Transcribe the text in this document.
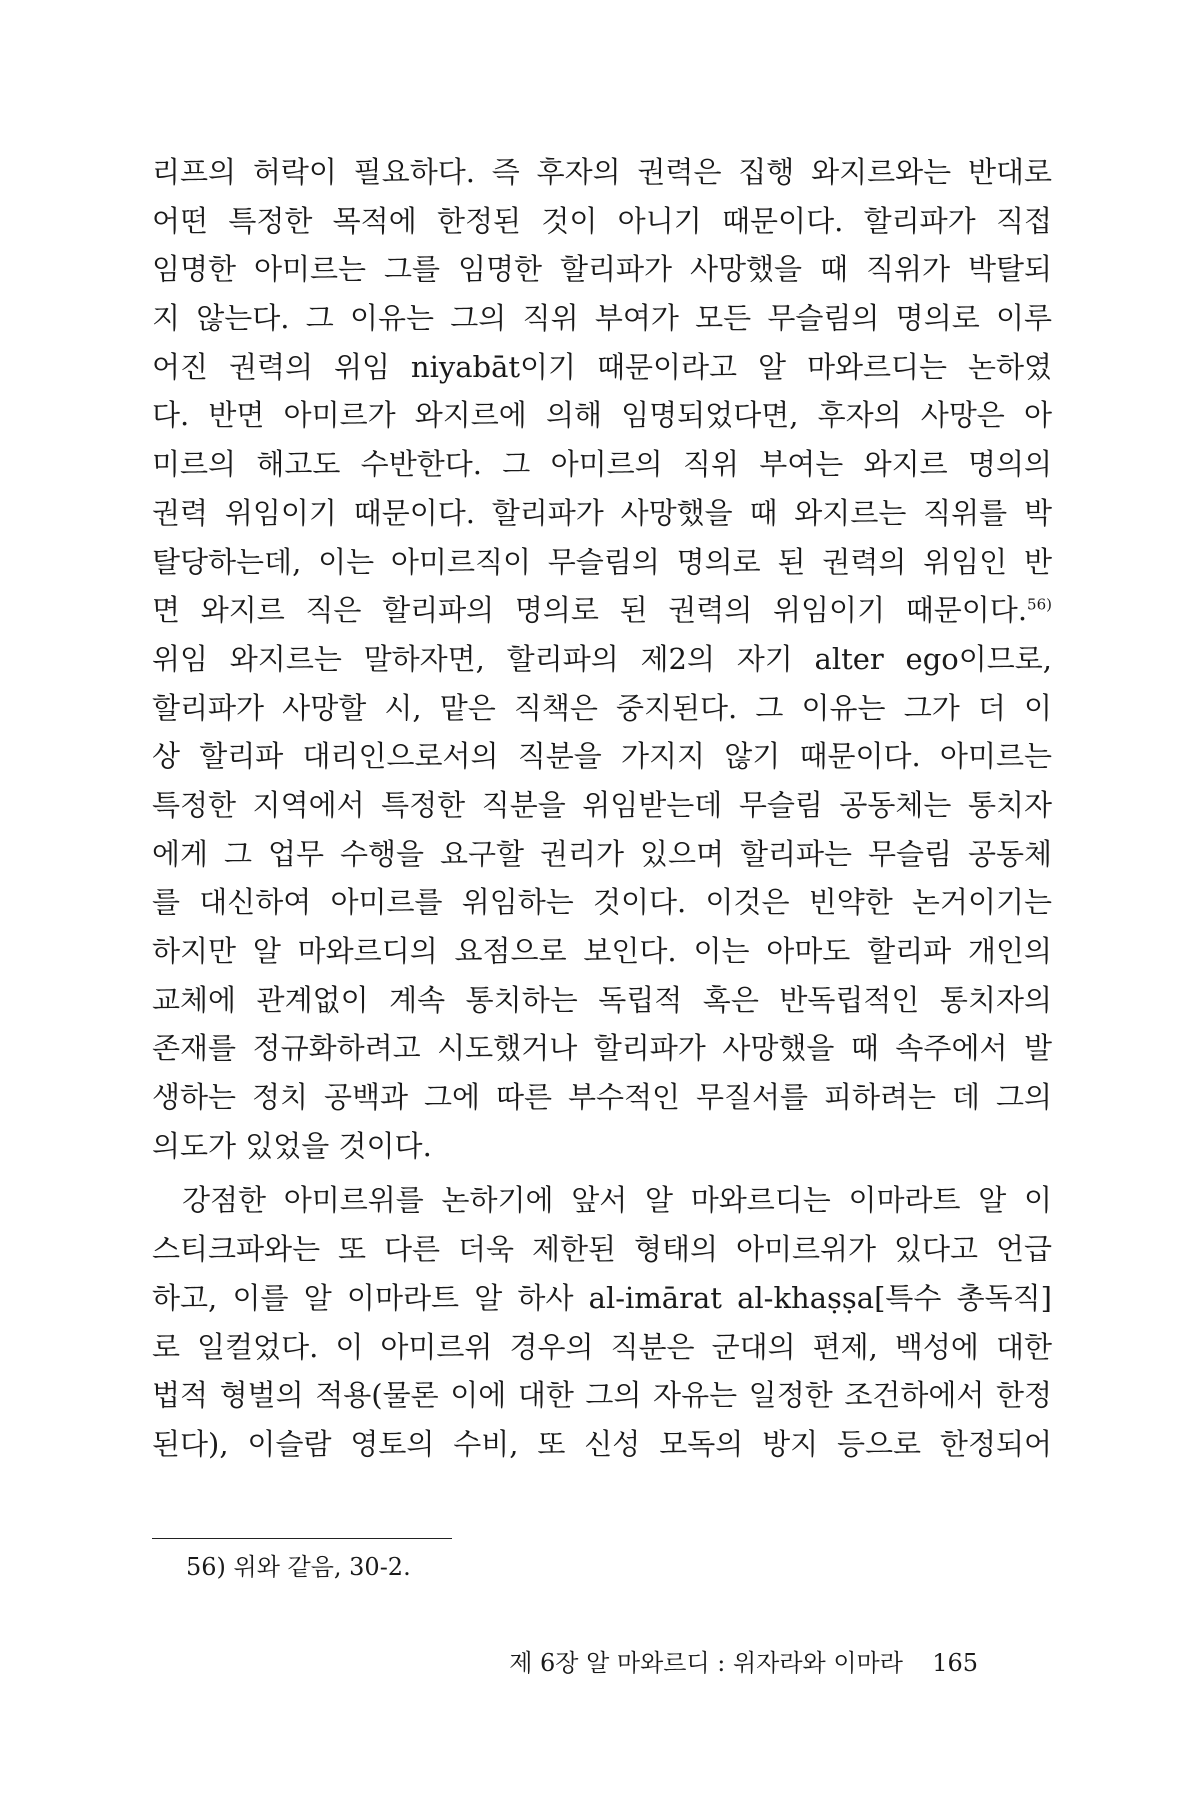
리프의 허락이 필요하다. 즉 후자의 권력은 집행 와지르와는 반대로
어떤 특정한 목적에 한정된 것이 아니기 때문이다. 할리파가 직접
임명한 아미르는 그를 임명한 할리파가 사망했을 때 직위가 박탈되
지 않는다. 그 이유는 그의 직위 부여가 모든 무슬림의 명의로 이루
어진 권력의 위임 niyabāt이기 때문이라고 알 마와르디는 논하였
다. 반면 아미르가 와지르에 의해 임명되었다면, 후자의 사망은 아
미르의 해고도 수반한다. 그 아미르의 직위 부여는 와지르 명의의
권력 위임이기 때문이다. 할리파가 사망했을 때 와지르는 직위를 박
탈당하는데, 이는 아미르직이 무슬림의 명의로 된 권력의 위임인 반
면 와지르 직은 할리파의 명의로 된 권력의 위임이기 때문이다.$^{56)}$
위임 와지르는 말하자면, 할리파의 제2의 자기 alter ego이므로,
할리파가 사망할 시, 맡은 직책은 중지된다. 그 이유는 그가 더 이
상 할리파 대리인으로서의 직분을 가지지 않기 때문이다. 아미르는
특정한 지역에서 특정한 직분을 위임받는데 무슬림 공동체는 통치자
에게 그 업무 수행을 요구할 권리가 있으며 할리파는 무슬림 공동체
를 대신하여 아미르를 위임하는 것이다. 이것은 빈약한 논거이기는
하지만 알 마와르디의 요점으로 보인다. 이는 아마도 할리파 개인의
교체에 관계없이 계속 통치하는 독립적 혹은 반독립적인 통치자의
존재를 정규화하려고 시도했거나 할리파가 사망했을 때 속주에서 발
생하는 정치 공백과 그에 따른 부수적인 무질서를 피하려는 데 그의
의도가 있었을 것이다.
강점한 아미르위를 논하기에 앞서 알 마와르디는 이마라트 알 이
스티크파와는 또 다른 더욱 제한된 형태의 아미르위가 있다고 언급
하고, 이를 알 이마라트 알 하사 al-imārat al-khaṣṣa[특수 총독직]
로 일컬었다. 이 아미르위 경우의 직분은 군대의 편제, 백성에 대한
법적 형벌의 적용(물론 이에 대한 그의 자유는 일정한 조건하에서 한정
된다), 이슬람 영토의 수비, 또 신성 모독의 방지 등으로 한정되어
56) 위와 같음, 30-2.
제 6장 알 마와르디 : 위자라와 이마라 165
